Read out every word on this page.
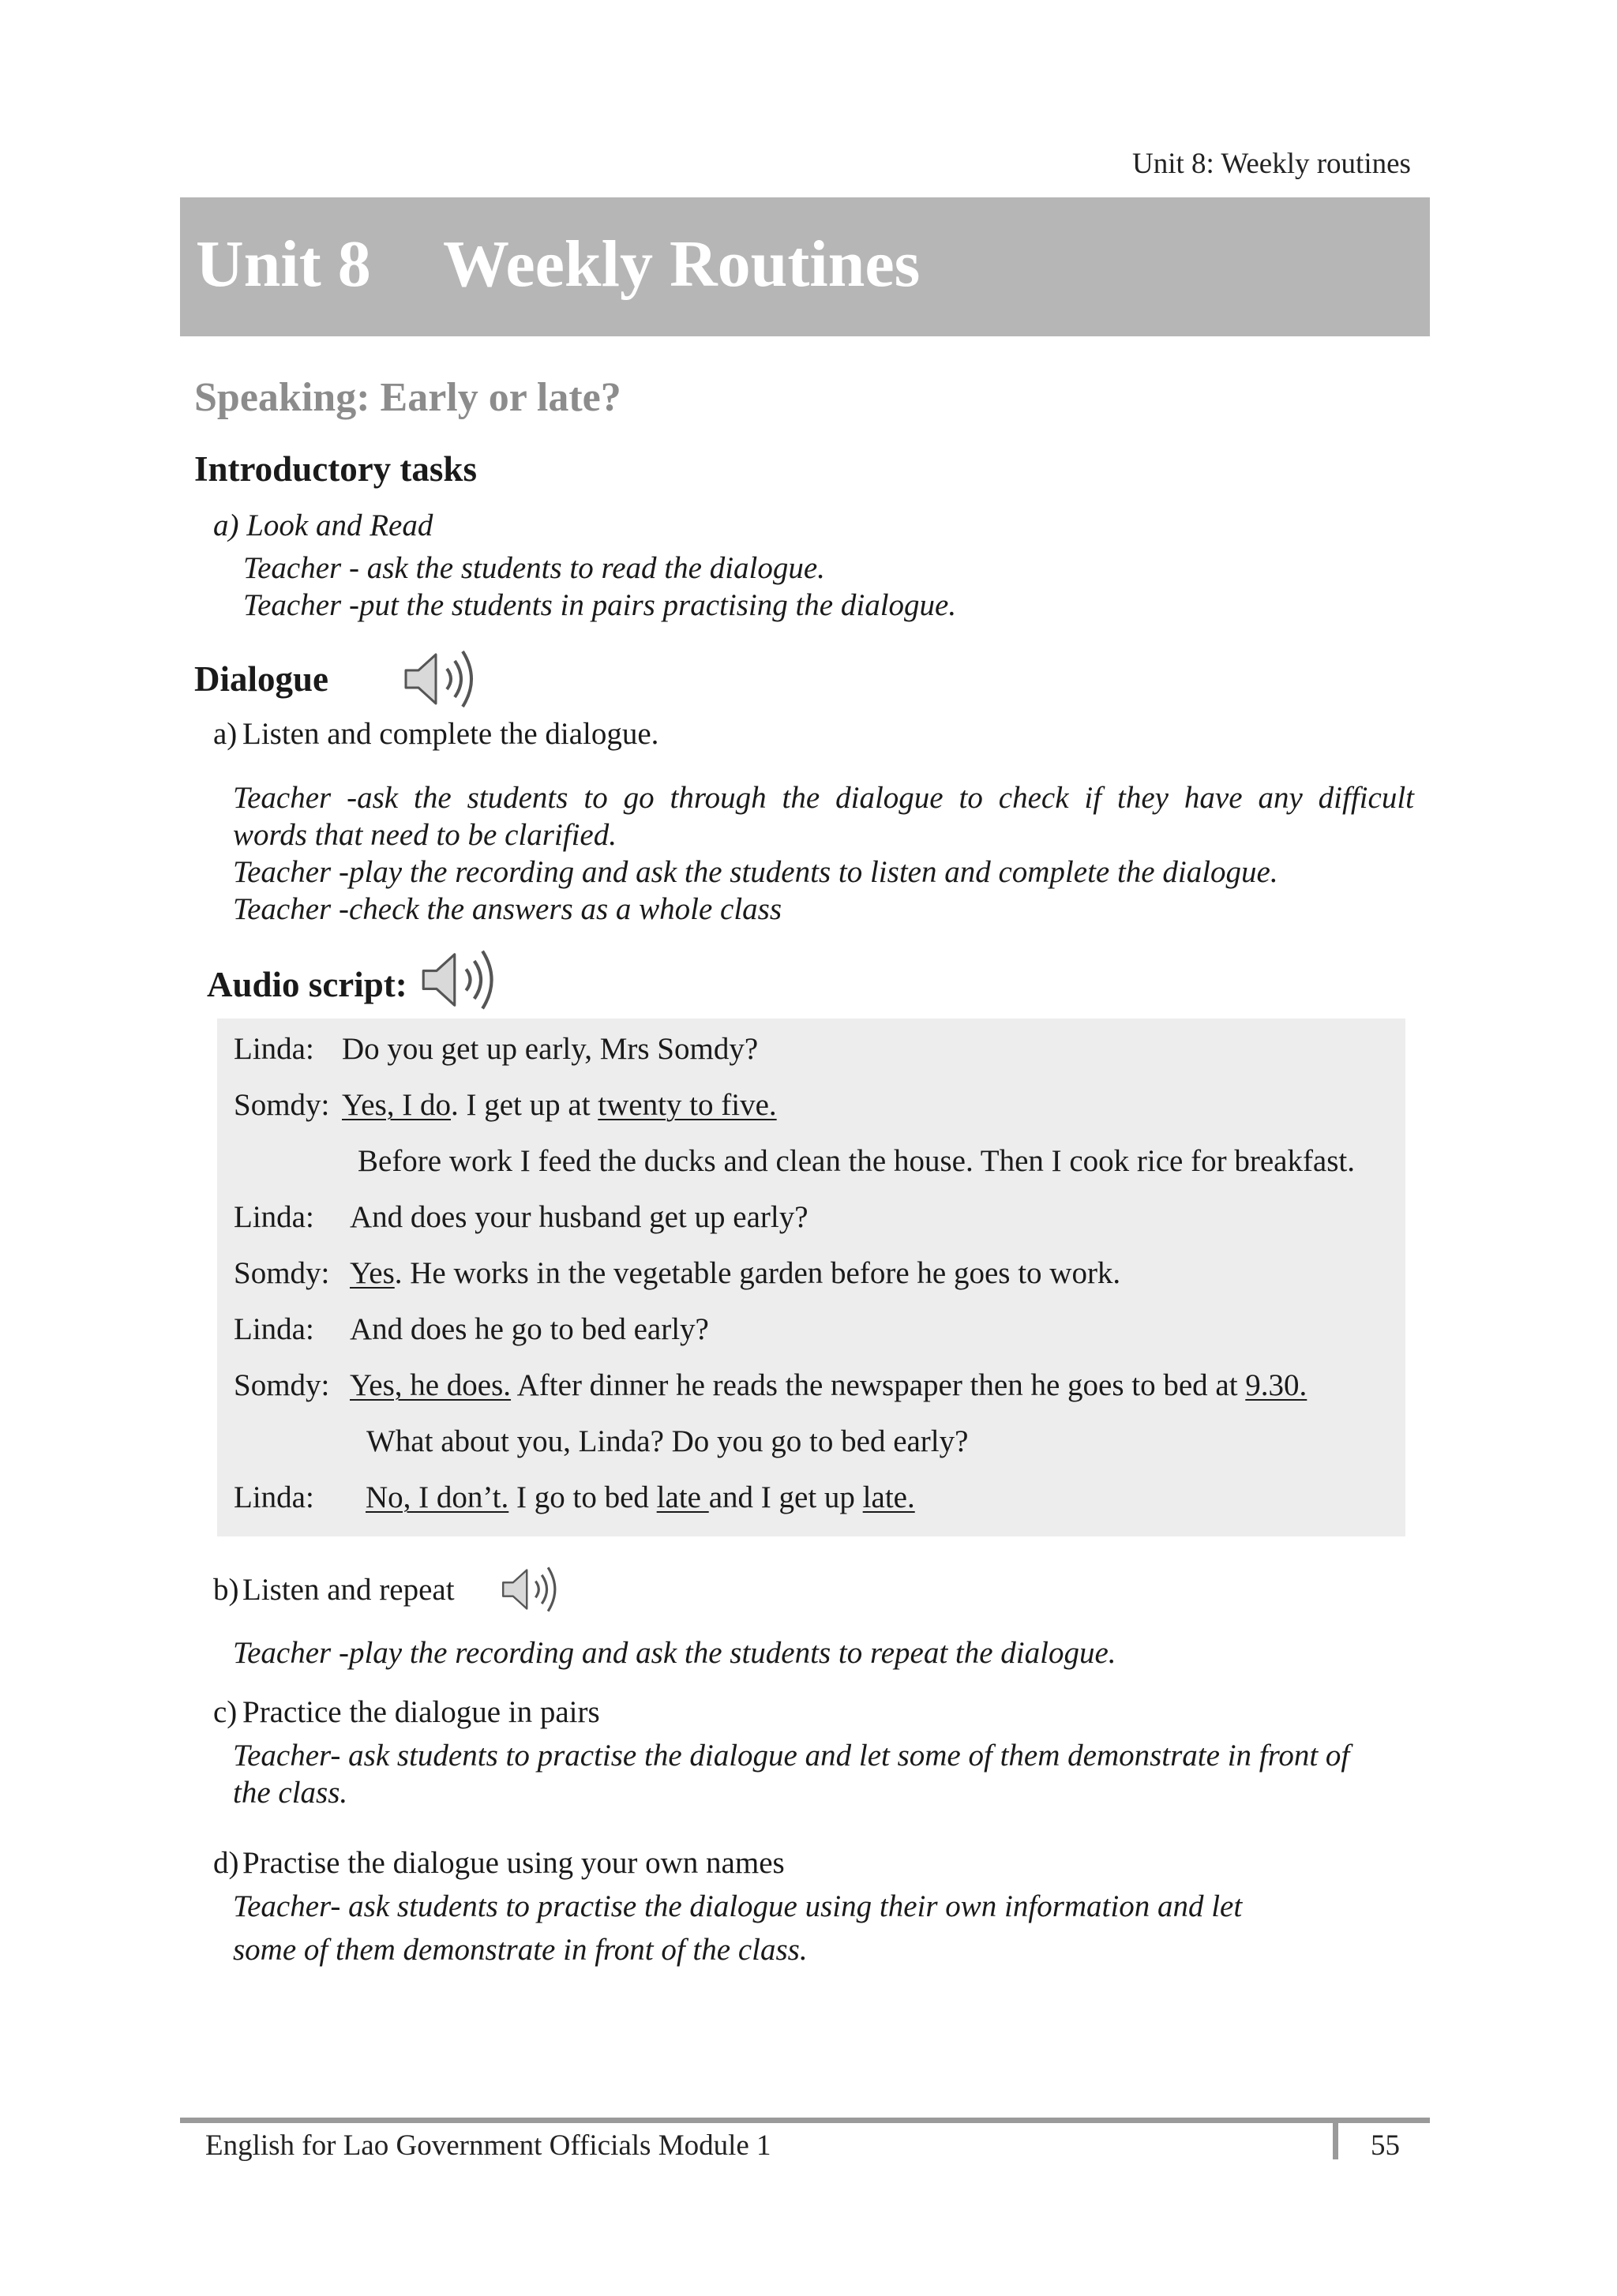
Unit 8: Weekly routines
Unit 8 Weekly Routines
Speaking: Early or late?
Introductory tasks
a) Look and Read
Teacher - ask the students to read the dialogue.
Teacher -put the students in pairs practising the dialogue.
Dialogue
a) Listen and complete the dialogue.
Teacher -ask the students to go through the dialogue to check if they have any difficult
words that need to be clarified.
Teacher -play the recording and ask the students to listen and complete the dialogue.
Teacher -check the answers as a whole class
Audio script:
Linda: Do you get up early, Mrs Somdy?
Somdy: Yes, I do. I get up at twenty to five.
Before work I feed the ducks and clean the house. Then I cook rice for breakfast.
Linda: And does your husband get up early?
Somdy: Yes. He works in the vegetable garden before he goes to work.
Linda: And does he go to bed early?
Somdy: Yes, he does. After dinner he reads the newspaper then he goes to bed at 9.30.
What about you, Linda? Do you go to bed early?
Linda: No, I don’t. I go to bed late and I get up late.
b) Listen and repeat
Teacher -play the recording and ask the students to repeat the dialogue.
c) Practice the dialogue in pairs
Teacher- ask students to practise the dialogue and let some of them demonstrate in front of
the class.
d) Practise the dialogue using your own names
Teacher- ask students to practise the dialogue using their own information and let
some of them demonstrate in front of the class.
English for Lao Government Officials Module 1	55
